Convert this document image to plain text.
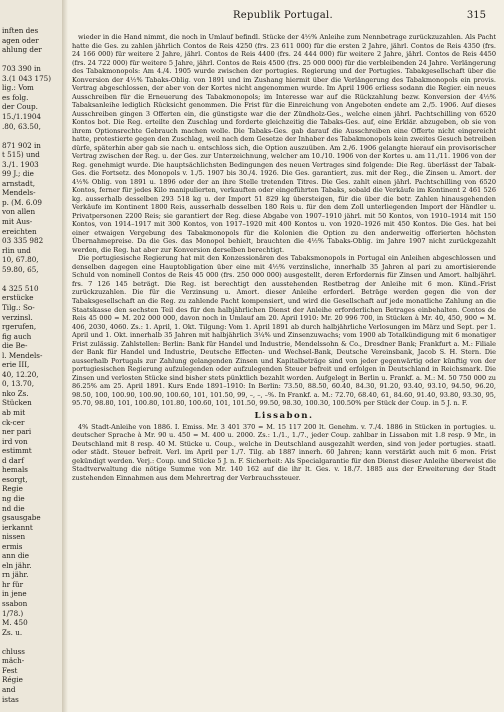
inften des
agen oder
ahlung der
703 390 in
3.(1 043 175)
lig.: Vom
es folg.
der Coup.
15./1.1904
.80, 63.50,
871 902 in
t 515) und
3./1. 1903
99 J.; die
arnstadt,
Mendels-
p. (M. 6.09
von allen
mit Aus-
ereichten
03 335 982
rlin und
10, 67.80,
59.80, 65,
4 325 510
erstücke
Tilg.: So-
verzinsl.
rgerufen,
fig auch
die Be-
l. Mendels-
erie III,
40, 12.20,
0, 13.70,
nko Zs.
Stücken
ab mit
ck-cer
ner pari
ird von
estimmt
d darf
hemals
esorgt,
Regie
ng die
nd die
gsausgabe
ierkannt
nissen
ermis
ann die
eln jähr.
rn jähr.
hr für
in jene
ssabon
1/78.)
M. 450
Zs. u.
chluss
mäch-
Fest
Régie
and
istas
Republik Portugal.	315

wieder in die Hand nimmt, die noch in Umlauf befindl. Stücke der 4½% Anleihe zum Nennbetrage zurückzuzahlen. Als Pacht hatte die Ges. zu zahlen jährlich Contos de Reis 4250 (frs. 23 611 000) für die ersten 2 Jahre, jährl. Contos de Reis 4350 (frs. 24 166 000) für weitere 2 Jahre, jährl. Contos de Reis 4400 (frs. 24 444 000) für weitere 2 Jahre, jährl. Contos de Reis 4450 (frs. 24 722 000) für weitere 5 Jahre, jährl. Contos de Reis 4500 (frs. 25 000 000) für die verbleibenden 24 Jahre. Verlängerung des Tabakmonopols: Am 4./4. 1905 wurde zwischen der portugies. Regierung und der Portugies. Tabakgesellschaft über die Konversion der 4½% Tabaks-Oblig. von 1891 und im Zushang hiermit über die Verlängerung des Tabakmonopols ein provis. Vertrag abgeschlossen, der aber von der Kortes nicht angenommen wurde. Im April 1906 erliess sodann die Regier. ein neues Ausschreiben für die Erneuerung des Tabakmonopols; im Interesse war auf die Rückzahlung bezw. Konversion der 4½% Tabaksanleihe lediglich Rücksicht genommen. Die Frist für die Einreichung von Angeboten endete am 2./5. 1906. Auf dieses Ausschreiben gingen 3 Offerten ein, die günstigste war die der Zündholz-Ges., welche einen jährl. Pachtschilling von 6520 Kontos bot. Die Reg. erteilte den Zuschlag und forderte gleichzeitig die Tabaks-Ges. auf, eine Erklär. abzugeben, ob sie von ihrem Optionsrechte Gebrauch machen wolle. Die Tabaks-Ges. gab darauf die Ausschreiben eine Offerte nicht eingereicht hatte, protestierte gegen den Zuschlag, weil nach dem Gesetze der Inhaber des Tabakmonopols kein zweites Gesuch betreiben dürfe, späterhin aber gab sie nach u. entschloss sich, die Option auszuüben. Am 2./6. 1906 gelangte hierauf ein provisorischer Vertrag zwischen der Reg. u. der Ges. zur Unterzeichnung, welcher am 10./10. 1906 von der Kortes u. am 11./11. 1906 von der Reg. genehmigt wurde. Die hauptsächlichsten Bedingungen des neuen Vertrages sind folgende: Die Reg. überlässt der Tabak-Ges. die Fortsetz. des Monopols v. 1./5. 1907 bis 30./4. 1926. Die Ges. garantiert, zus. mit der Reg., die Zinsen u. Amort. der 4½% Oblig. von 1891 u. 1896 oder der an ihre Stelle tretenden Titres. Die Ges. zahlt einen jährl. Pachtschilling von 6520 Kontos, ferner für jedes Kilo manipulierten, verkauften oder eingeführten Tabaks, sobald die Verkäufe im Kontinent 2 461 526 kg. ausserhalb desselben 293 518 kg u. der Import 51 829 kg übersteigen, für die über die betr. Zahlen hinausgehenden Verkäufe im Kontinent 1800 Reis, ausserhalb desselben 180 Reis u. für den dem Zoll unterliegenden Import der Händler u. Privatpersonen 2200 Reis; sie garantiert der Reg. diese Abgabe von 1907–1910 jährl. mit 50 Kontos, von 1910–1914 mit 150 Kontos, von 1914–1917 mit 300 Kontos, von 1917–1920 mit 400 Kontos u. von 1920–1926 mit 450 Kontos. Die Ges. hat bei einer etwaigen Vergebung des Tabakmonopols für die Kolonien die Option zu den anderweitig offerierten höchsten Übernahmepreise. Da die Ges. das Monopol behielt, brauchten die 4½% Tabaks-Oblig. im Jahre 1907 nicht zurückgezahlt werden, die Reg. hat aber zur Konversion derselben berechtigt.

Die portugiesische Regierung hat mit den Konzessionären des Tabaksmonopols in Portugal ein Anleihen abgeschlossen und denselben dagegen eine Hauptobligation über eine mit 4½% verzinsliche, innerhalb 35 Jahren al pari zu amortisierende Schuld von nominell Contos de Reis 45 000 (frs. 250 000 000) ausgestellt, deren Erfordernis für Zinsen und Amort. halbjährl. frs. 7 126 145 beträgt. Die Reg. ist berechtigt den ausstehenden Restbetrag der Anleihe mit 6 mon. Künd.-Frist zurückzuzahlen. Die für die Verzinsung u. Amort. dieser Anleihe erforderl. Beträge werden gegen die von der Tabaksgesellschaft an die Reg. zu zahlende Pacht kompensiert, und wird die Gesellschaft auf jede monatliche Zahlung an die Staatskasse den sechsten Teil des für den halbjährlichen Dienst der Anleihe erforderlichen Betrages einbehalten. Contos de Reis 45 000 = M. 202 000 000, davon noch in Umlauf am 20. April 1910: Mr. 20 996 700, in Stücken à Mr. 40, 450, 900 = M. 406, 2030, 4060. Zs.: 1. April, 1. Okt. Tilgung: Vom 1. April 1891 ab durch halbjährliche Verlosungen im März und Sept. per 1. April und 1. Okt. innerhalb 35 Jahren mit halbjährlich 3¼% und Zinsenzuwachs; vom 1900 ab Totalkündigung mit 6 monatiger Frist zulässig. Zahlstellen: Berlin: Bank für Handel und Industrie, Mendelssohn & Co., Dresdner Bank; Frankfurt a. M.: Filiale der Bank für Handel und Industrie, Deutsche Effecten- und Wechsel-Bank, Deutsche Vereinsbank, Jacob S. H. Stern. Die ausserhalb Portugals zur Zahlung gelangenden Zinsen und Kapitalbeträge sind von jeder gegenwärtig oder künftig von der portugiesischen Regierung aufzulegenden oder aufzulegenden Steuer befreit und erfolgen in Deutschland in Reichsmark. Die Zinsen und verlosten Stücke sind bisher stets pünktlich bezahlt worden. Aufgelegt in Berlin u. Frankf. a. M.: M. 50 750 000 zu 86.25% am 25. April 1891. Kurs Ende 1891–1910: In Berlin: 73.50, 88.50, 60.40, 84.30, 91.20, 93.40, 93.10, 94.50, 96.20, 98.50, 100, 100.90, 100.90, 100.60, 101, 101.50, 99, –, –, –%. In Frankf. a. M.: 72.70, 68.40, 61, 84.60, 91.40, 93.80, 93.30, 95, 95.70, 98.80, 101, 100.80, 101.80, 100.60, 101, 101.50, 99.50, 98.30, 100.30, 100.50% per Stück der Coup. in 5 J. n. F.

Lissabon.

4% Stadt-Anleihe von 1886. I. Emiss. Mr. 3 401 370 = M. 15 117 200 lt. Genehm. v. 7./4. 1886 in Stücken in portugies. u. deutscher Sprache à Mr. 90 u. 450 = M. 400 u. 2000. Zs.: 1./1., 1./7., jeder Coup. zahlbar in Lissabon mit 1.8 resp. 9 Mr., in Deutschland mit 8 resp. 40 M. Stücke u. Coup., welche in Deutschland ausgezahlt werden, sind von jeder portugies. staatl. oder städt. Steuer befreit. Verl. im April per 1./7. Tilg. ab 1887 innerh. 60 Jahren; kann verstärkt auch mit 6 mon. Frist gekündigt werden. Verj.: Coup. und Stücke 5 J. n. F. Sicherheit: Als Specialgarantie für den Dienst dieser Anleihe überweist die Stadtverwaltung die nötige Summe von Mr. 140 162 auf die ihr lt. Ges. v. 18./7. 1885 aus der Erweiterung der Stadt zustehenden Einnahmen aus dem Mehrertrag der Verbrauchssteuer.
